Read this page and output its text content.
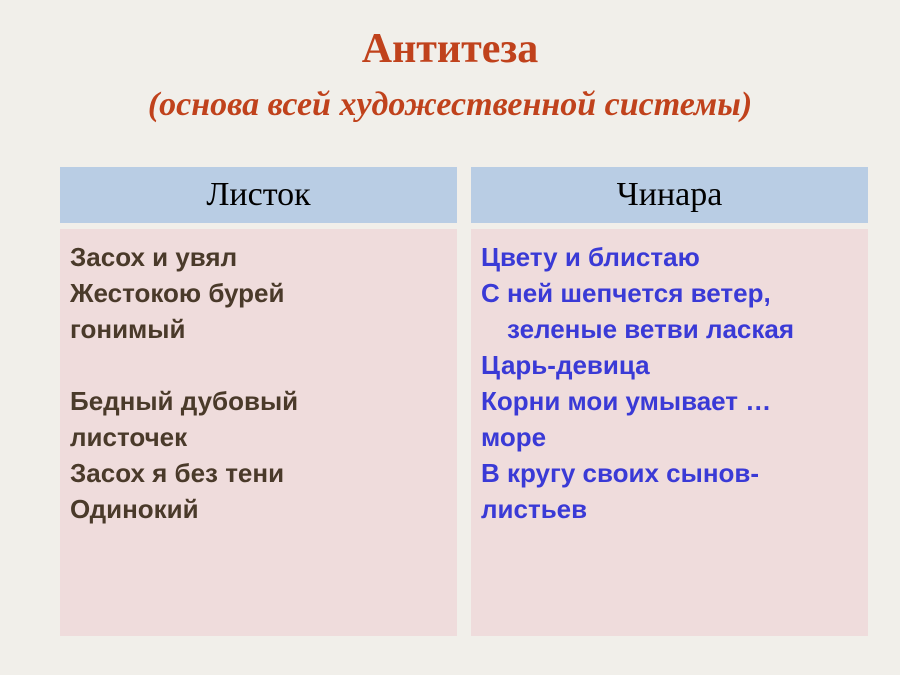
Антитеза
(основа всей художественной системы)
Листок	Чинара
Засох и увял
Жестокою бурей
гонимый
Бедный дубовый
листочек
Засох я без тени
Одинокий
Цвету и блистаю
С ней шепчется ветер,
зеленые ветви лаская
Царь-девица
Корни мои умывает …
море
В кругу своих сынов-
листьев
